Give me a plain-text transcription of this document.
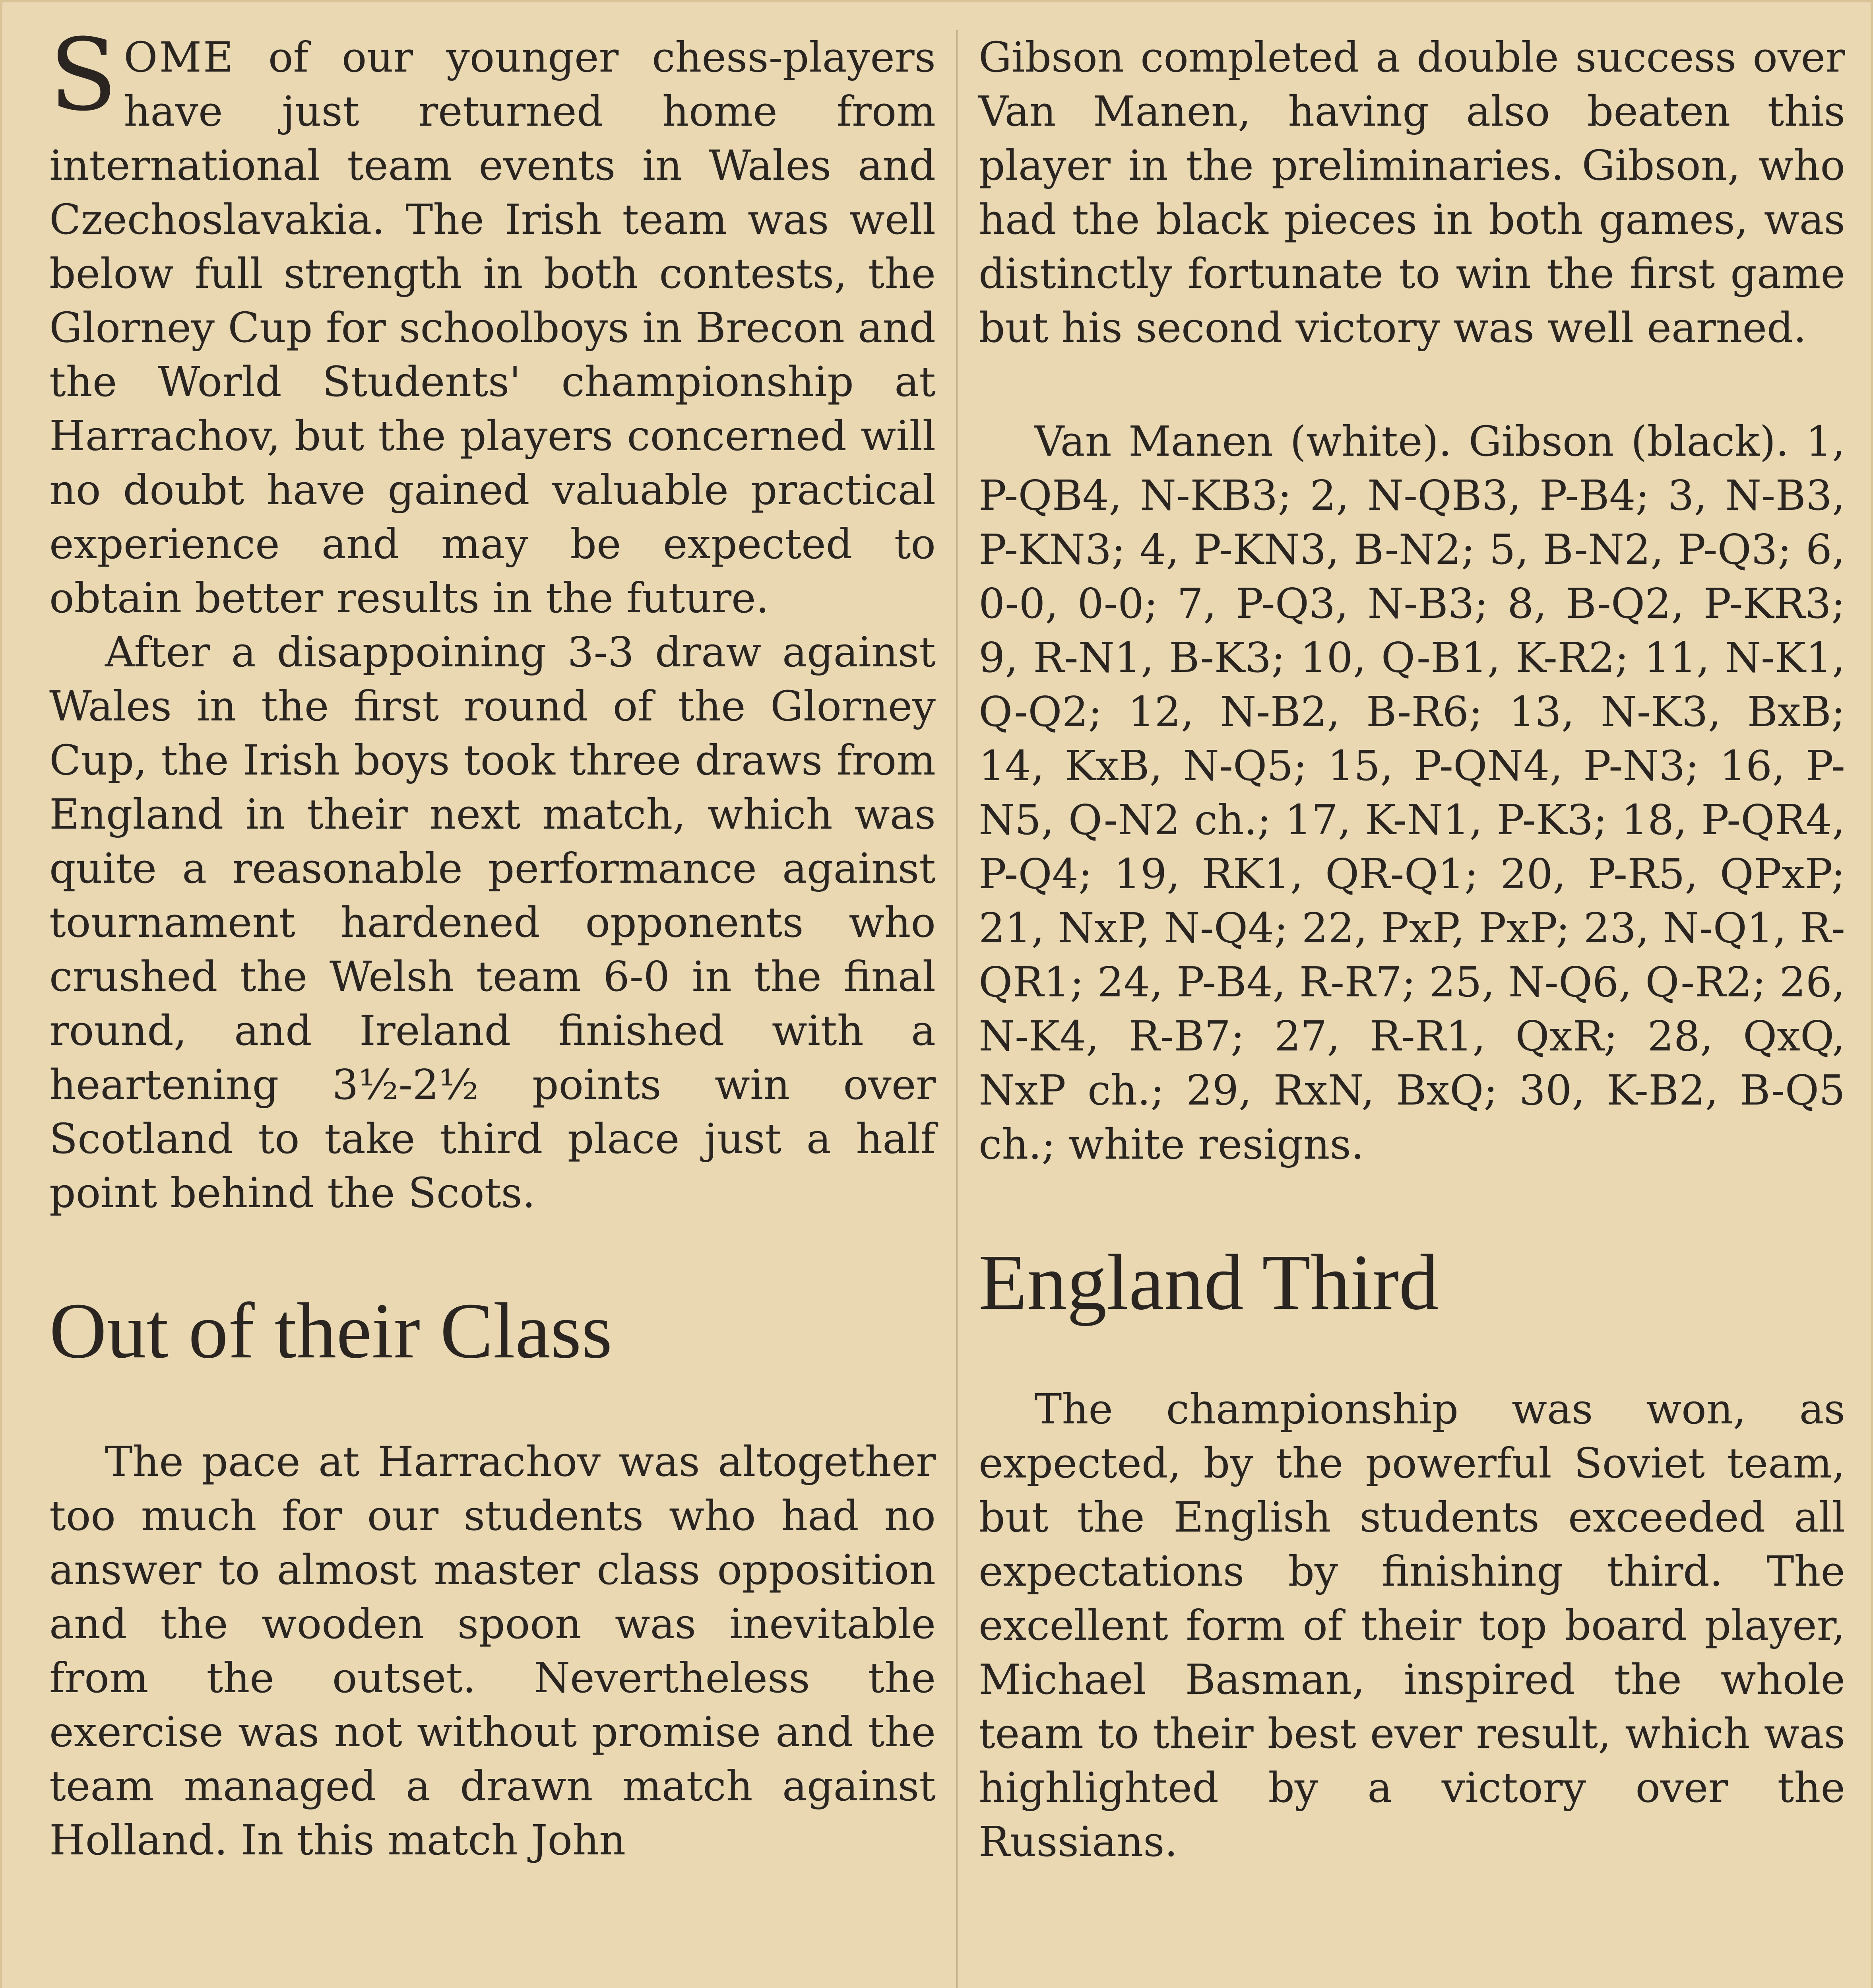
SOME of our younger chess-players have just returned home from international team events in Wales and Czechoslavakia. The Irish team was well below full strength in both contests, the Glorney Cup for schoolboys in Brecon and the World Students' championship at Harrachov, but the players concerned will no doubt have gained valuable practical experience and may be expected to obtain better results in the future.

After a disappoining 3-3 draw against Wales in the first round of the Glorney Cup, the Irish boys took three draws from England in their next match, which was quite a reasonable performance against tournament hardened opponents who crushed the Welsh team 6-0 in the final round, and Ireland finished with a heartening 3½-2½ points win over Scotland to take third place just a half point behind the Scots.

Out of their Class

The pace at Harrachov was altogether too much for our students who had no answer to almost master class opposition and the wooden spoon was inevitable from the outset. Nevertheless the exercise was not without promise and the team managed a drawn match against Holland. In this match John

Gibson completed a double success over Van Manen, having also beaten this player in the preliminaries. Gibson, who had the black pieces in both games, was distinctly fortunate to win the first game but his second victory was well earned.

Van Manen (white). Gibson (black). 1, P-QB4, N-KB3; 2, N-QB3, P-B4; 3, N-B3, P-KN3; 4, P-KN3, B-N2; 5, B-N2, P-Q3; 6, 0-0, 0-0; 7, P-Q3, N-B3; 8, B-Q2, P-KR3; 9, R-N1, B-K3; 10, Q-B1, K-R2; 11, N-K1, Q-Q2; 12, N-B2, B-R6; 13, N-K3, BxB; 14, KxB, N-Q5; 15, P-QN4, P-N3; 16, P-N5, Q-N2 ch.; 17, K-N1, P-K3; 18, P-QR4, P-Q4; 19, RK1, QR-Q1; 20, P-R5, QPxP; 21, NxP, N-Q4; 22, PxP, PxP; 23, N-Q1, R-QR1; 24, P-B4, R-R7; 25, N-Q6, Q-R2; 26, N-K4, R-B7; 27, R-R1, QxR; 28, QxQ, NxP ch.; 29, RxN, BxQ; 30, K-B2, B-Q5 ch.; white resigns.

England Third

The championship was won, as expected, by the powerful Soviet team, but the English students exceeded all expectations by finishing third. The excellent form of their top board player, Michael Basman, inspired the whole team to their best ever result, which was highlighted by a victory over the Russians.
